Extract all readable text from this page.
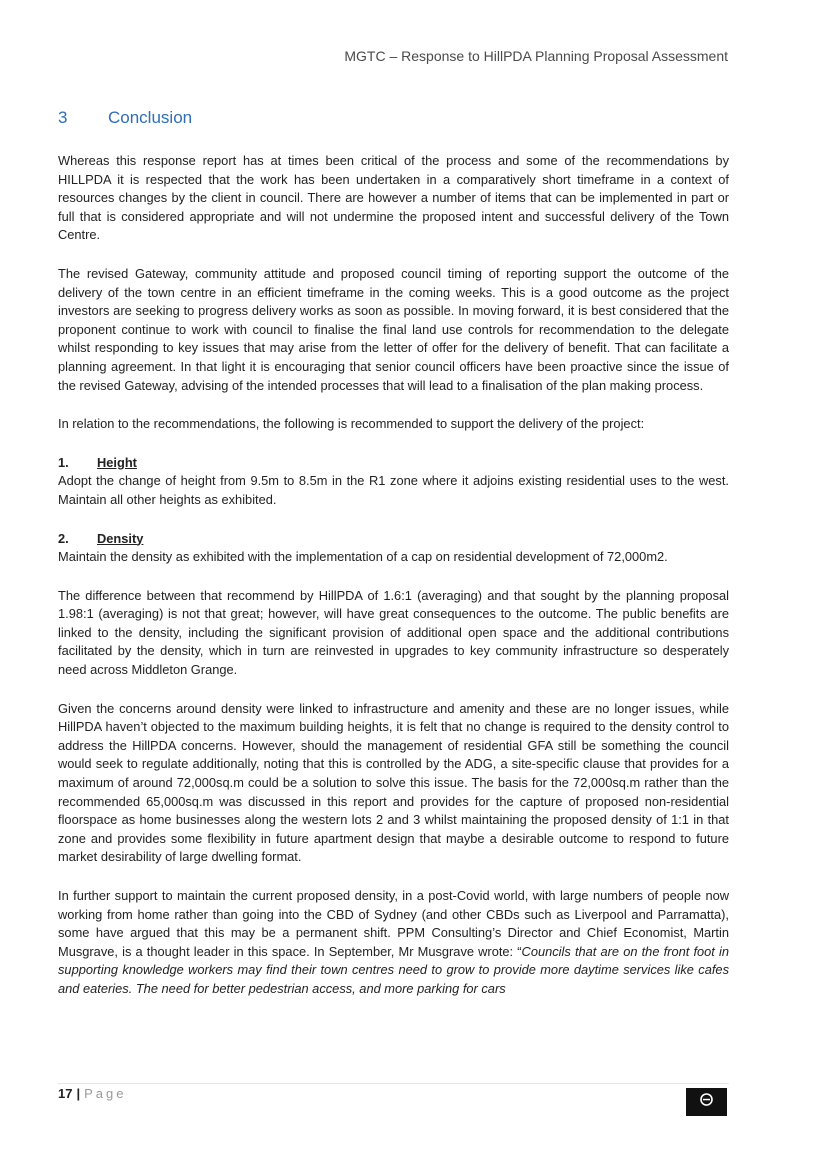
MGTC – Response to HillPDA Planning Proposal Assessment
3	Conclusion

Whereas this response report has at times been critical of the process and some of the recommendations by HILLPDA it is respected that the work has been undertaken in a comparatively short timeframe in a context of resources changes by the client in council. There are however a number of items that can be implemented in part or full that is considered appropriate and will not undermine the proposed intent and successful delivery of the Town Centre.

The revised Gateway, community attitude and proposed council timing of reporting support the outcome of the delivery of the town centre in an efficient timeframe in the coming weeks. This is a good outcome as the project investors are seeking to progress delivery works as soon as possible. In moving forward, it is best considered that the proponent continue to work with council to finalise the final land use controls for recommendation to the delegate whilst responding to key issues that may arise from the letter of offer for the delivery of benefit. That can facilitate a planning agreement. In that light it is encouraging that senior council officers have been proactive since the issue of the revised Gateway, advising of the intended processes that will lead to a finalisation of the plan making process.

In relation to the recommendations, the following is recommended to support the delivery of the project:

1.	Height

Adopt the change of height from 9.5m to 8.5m in the R1 zone where it adjoins existing residential uses to the west. Maintain all other heights as exhibited.

2.	Density

Maintain the density as exhibited with the implementation of a cap on residential development of 72,000m2.

The difference between that recommend by HillPDA of 1.6:1 (averaging) and that sought by the planning proposal 1.98:1 (averaging) is not that great; however, will have great consequences to the outcome. The public benefits are linked to the density, including the significant provision of additional open space and the additional contributions facilitated by the density, which in turn are reinvested in upgrades to key community infrastructure so desperately need across Middleton Grange.

Given the concerns around density were linked to infrastructure and amenity and these are no longer issues, while HillPDA haven’t objected to the maximum building heights, it is felt that no change is required to the density control to address the HillPDA concerns. However, should the management of residential GFA still be something the council would seek to regulate additionally, noting that this is controlled by the ADG, a site-specific clause that provides for a maximum of around 72,000sq.m could be a solution to solve this issue. The basis for the 72,000sq.m rather than the recommended 65,000sq.m was discussed in this report and provides for the capture of proposed non-residential floorspace as home businesses along the western lots 2 and 3 whilst maintaining the proposed density of 1:1 in that zone and provides some flexibility in future apartment design that maybe a desirable outcome to respond to future market desirability of large dwelling format.

In further support to maintain the current proposed density, in a post-Covid world, with large numbers of people now working from home rather than going into the CBD of Sydney (and other CBDs such as Liverpool and Parramatta), some have argued that this may be a permanent shift. PPM Consulting’s Director and Chief Economist, Martin Musgrave, is a thought leader in this space. In September, Mr Musgrave wrote: “Councils that are on the front foot in supporting knowledge workers may find their town centres need to grow to provide more daytime services like cafes and eateries. The need for better pedestrian access, and more parking for cars

17 | Page
